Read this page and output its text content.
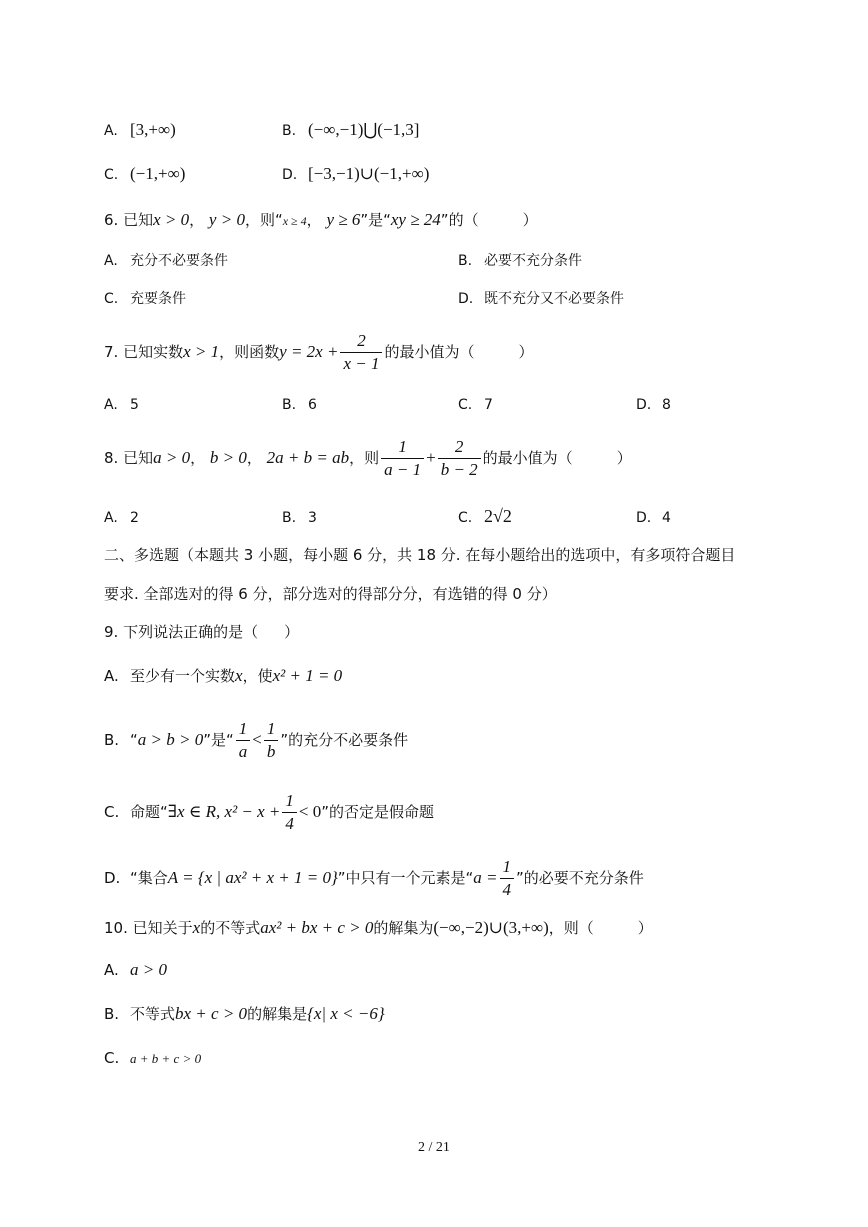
A. [3,+∞)	B. (−∞,−1)⋃(−1,3]
C. (−1,+∞)	D. [−3,−1)∪(−1,+∞)
6. 已知x > 0， y > 0，则“x ≥ 4， y ≥ 6”是“xy ≥ 24”的（	）
A. 充分不必要条件	B. 必要不充分条件
C. 充要条件	D. 既不充分又不必要条件
7. 已知实数x > 1，则函数$y = 2x + \frac{2}{x - 1}$ 的最小值为（	）
A. 5	B. 6	C. 7	D. 8
8. 已知a > 0， b > 0， 2a + b = ab，则 $\frac{1}{a - 1} + \frac{2}{b - 2}$ 的最小值为（	）
A. 2	B. 3	C. 2√2	D. 4
二、多选题（本题共 3 小题，每小题 6 分，共 18 分. 在每小题给出的选项中，有多项符合题目
要求. 全部选对的得 6 分，部分选对的得部分分，有选错的得 0 分）
9. 下列说法正确的是（ ）
A. 至少有一个实数x，使x² + 1 = 0
B. “a > b > 0”是“ $\frac{1}{a} < \frac{1}{b}$ ”的充分不必要条件
C. 命题“∃x ∈ R, $x^2 - x + \frac{1}{4} < 0$”的否定是假命题
D. “集合A = {x | ax² + x + 1 = 0}”中只有一个元素是“$a = \frac{1}{4}$ ”的必要不充分条件
10. 已知关于x的不等式ax² + bx + c > 0的解集为(−∞,−2)∪(3,+∞)，则（	）
A. a > 0
B. 不等式bx + c > 0的解集是{x| x < −6}
C. a + b + c > 0
2 / 21
